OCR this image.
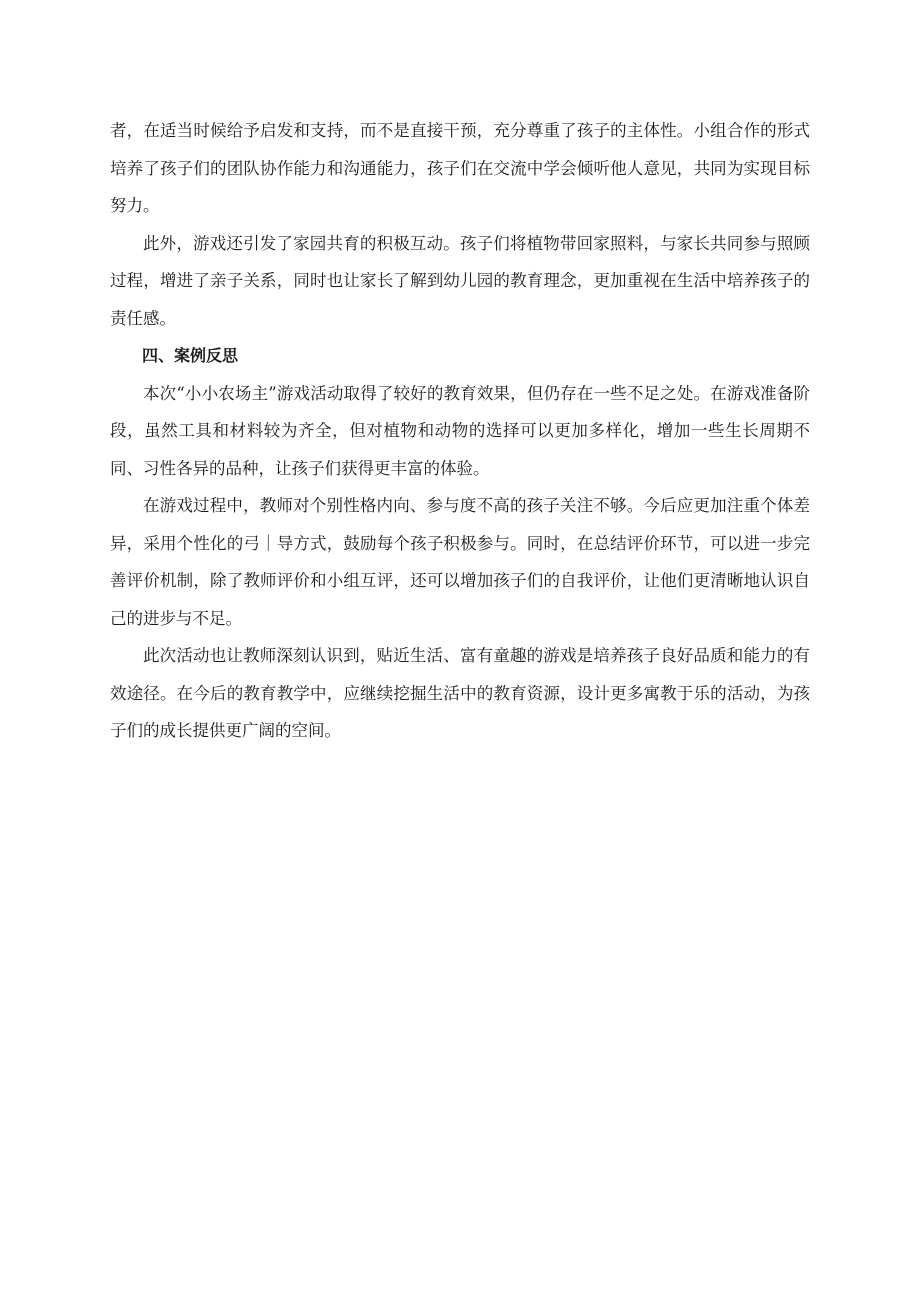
者，在适当时候给予启发和支持，而不是直接干预，充分尊重了孩子的主体性。小组合作的形式培养了孩子们的团队协作能力和沟通能力，孩子们在交流中学会倾听他人意见，共同为实现目标努力。

此外，游戏还引发了家园共育的积极互动。孩子们将植物带回家照料，与家长共同参与照顾过程，增进了亲子关系，同时也让家长了解到幼儿园的教育理念，更加重视在生活中培养孩子的责任感。

四、案例反思

本次“小小农场主”游戏活动取得了较好的教育效果，但仍存在一些不足之处。在游戏准备阶段，虽然工具和材料较为齐全，但对植物和动物的选择可以更加多样化，增加一些生长周期不同、习性各异的品种，让孩子们获得更丰富的体验。

在游戏过程中，教师对个别性格内向、参与度不高的孩子关注不够。今后应更加注重个体差异，采用个性化的弓｜导方式，鼓励每个孩子积极参与。同时，在总结评价环节，可以进一步完善评价机制，除了教师评价和小组互评，还可以增加孩子们的自我评价，让他们更清晰地认识自己的进步与不足。

此次活动也让教师深刻认识到，贴近生活、富有童趣的游戏是培养孩子良好品质和能力的有效途径。在今后的教育教学中，应继续挖掘生活中的教育资源，设计更多寓教于乐的活动，为孩子们的成长提供更广阔的空间。
